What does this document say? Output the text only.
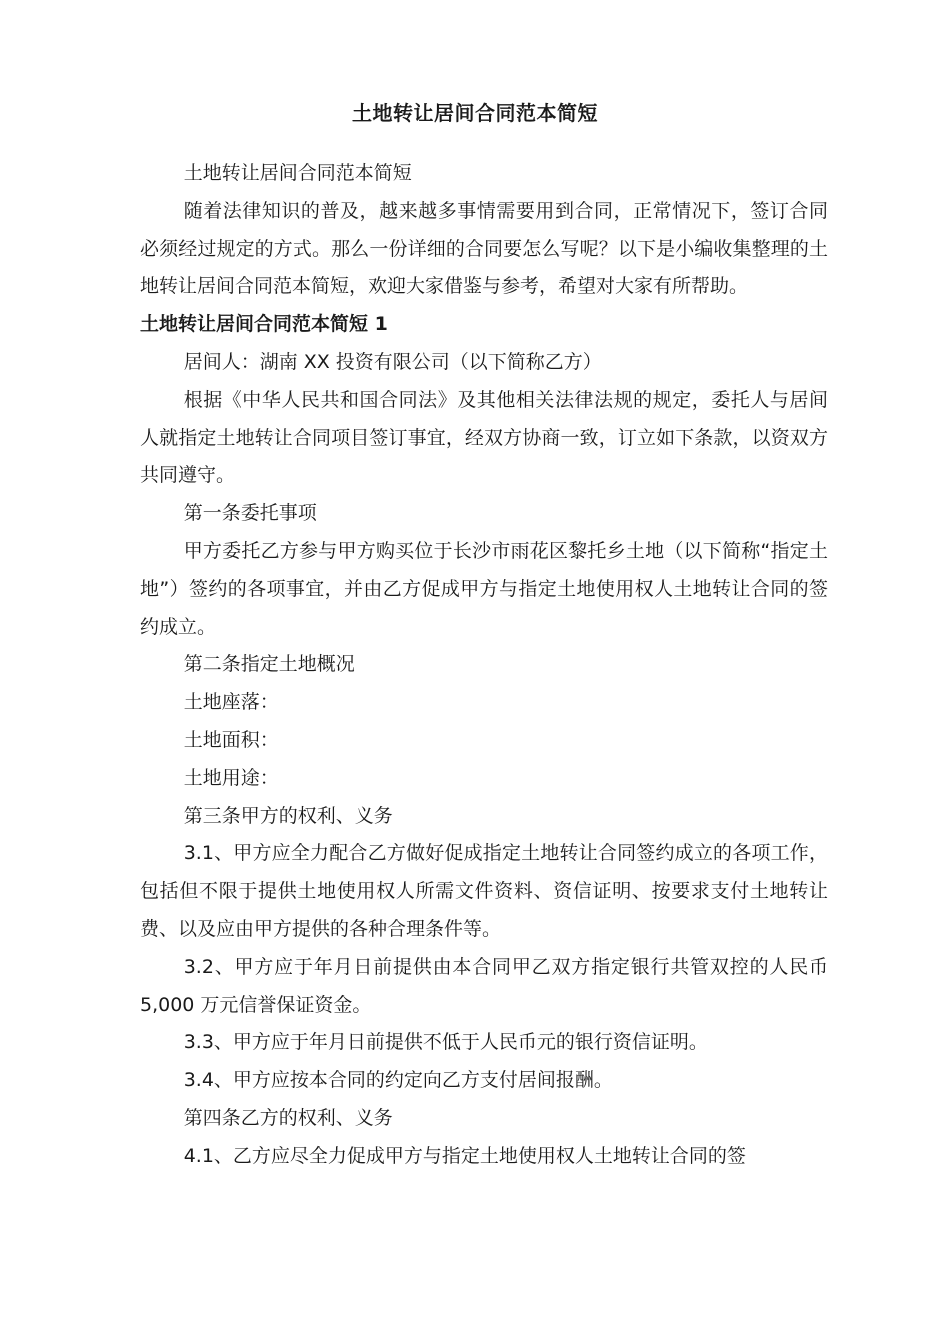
土地转让居间合同范本简短

土地转让居间合同范本简短

随着法律知识的普及，越来越多事情需要用到合同，正常情况下，签订合同必须经过规定的方式。那么一份详细的合同要怎么写呢？以下是小编收集整理的土地转让居间合同范本简短，欢迎大家借鉴与参考，希望对大家有所帮助。

土地转让居间合同范本简短 1

居间人：湖南 XX 投资有限公司（以下简称乙方）

根据《中华人民共和国合同法》及其他相关法律法规的规定，委托人与居间人就指定土地转让合同项目签订事宜，经双方协商一致，订立如下条款，以资双方共同遵守。

第一条委托事项

甲方委托乙方参与甲方购买位于长沙市雨花区黎托乡土地（以下简称“指定土地”）签约的各项事宜，并由乙方促成甲方与指定土地使用权人土地转让合同的签约成立。

第二条指定土地概况

土地座落：

土地面积：

土地用途：

第三条甲方的权利、义务

3.1、甲方应全力配合乙方做好促成指定土地转让合同签约成立的各项工作，包括但不限于提供土地使用权人所需文件资料、资信证明、按要求支付土地转让费、以及应由甲方提供的各种合理条件等。

3.2、甲方应于年月日前提供由本合同甲乙双方指定银行共管双控的人民币 5,000 万元信誉保证资金。

3.3、甲方应于年月日前提供不低于人民币元的银行资信证明。

3.4、甲方应按本合同的约定向乙方支付居间报酬。

第四条乙方的权利、义务

4.1、乙方应尽全力促成甲方与指定土地使用权人土地转让合同的签
